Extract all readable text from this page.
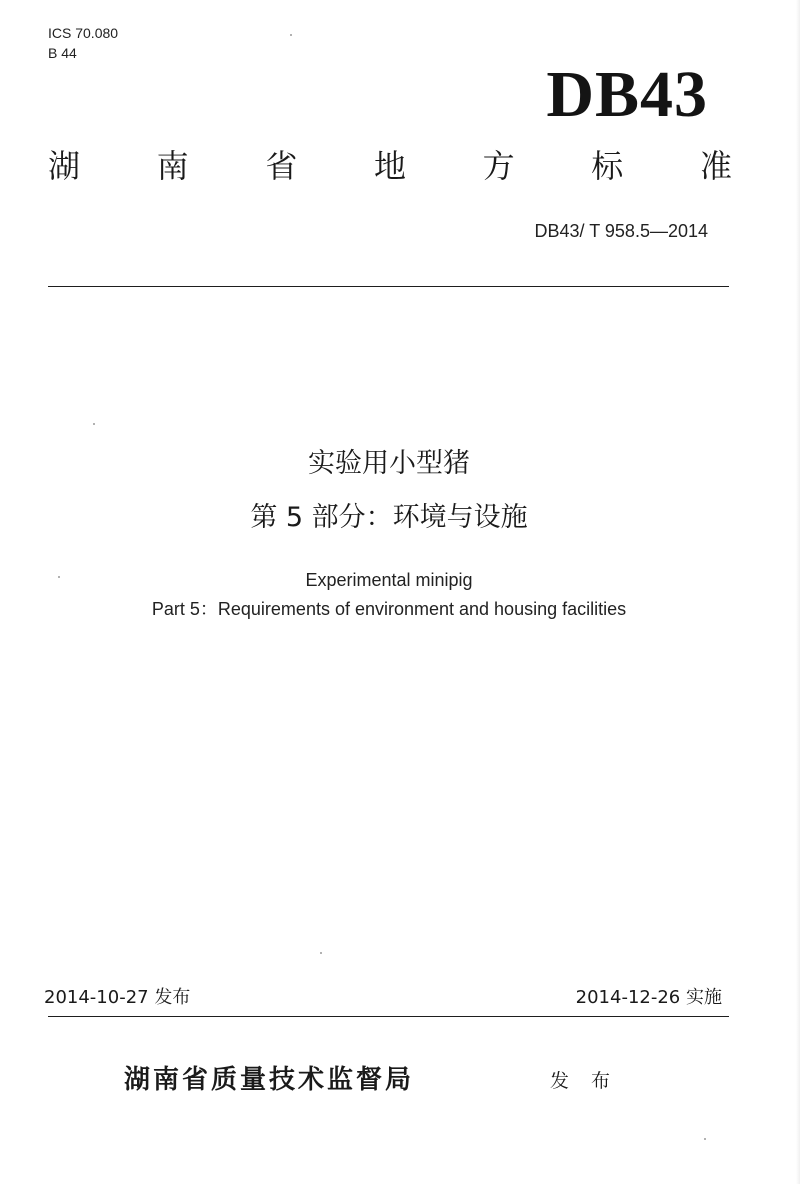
ICS 70.080
B 44
DB43
湖 南 省 地 方 标 准
DB43/ T 958.5—2014
实验用小型猪
第 5 部分：环境与设施
Experimental minipig
Part 5：Requirements of environment and housing facilities
2014-10-27 发布	2014-12-26 实施
湖南省质量技术监督局	发 布
